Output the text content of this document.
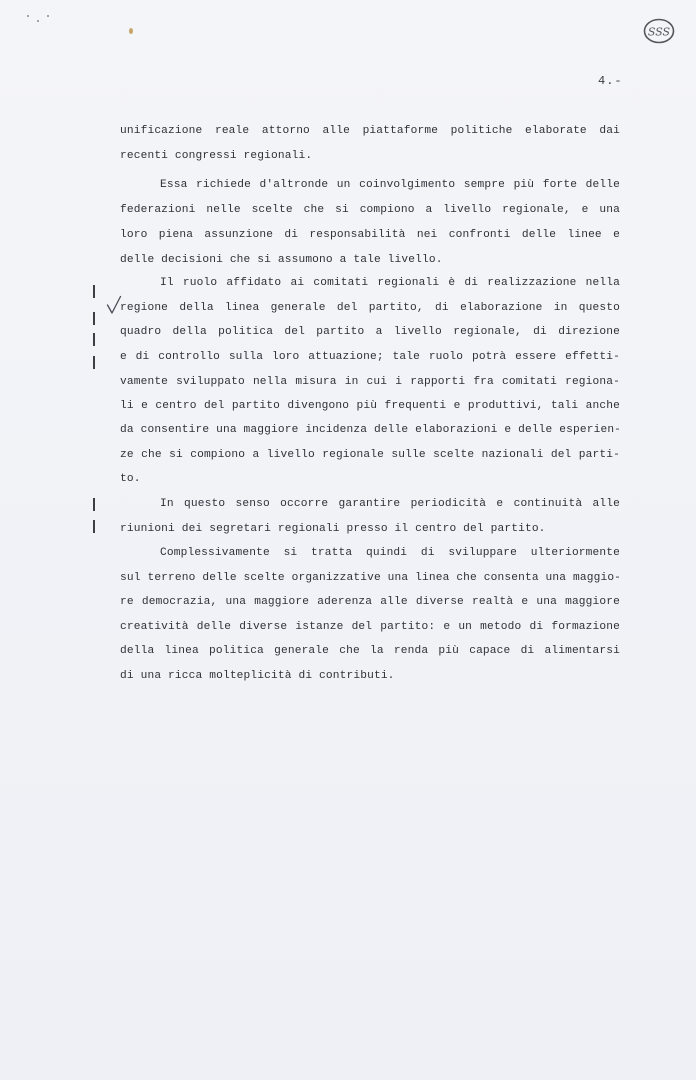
SSS
4.-
unificazione reale attorno alle piattaforme politiche elaborate dai
recenti congressi regionali.
Essa richiede d'altronde un coinvolgimento sempre più forte delle
federazioni nelle scelte che si compiono a livello regionale, e una
loro piena assunzione di responsabilità nei confronti delle linee e
delle decisioni che si assumono a tale livello.
Il ruolo affidato ai comitati regionali è di realizzazione nella
regione della linea generale del partito, di elaborazione in questo
quadro della politica del partito a livello regionale, di direzione
e di controllo sulla loro attuazione; tale ruolo potrà essere effetti-
vamente sviluppato nella misura in cui i rapporti fra comitati regiona-
li e centro del partito divengono più frequenti e produttivi, tali anche
da consentire una maggiore incidenza delle elaborazioni e delle esperien-
ze che si compiono a livello regionale sulle scelte nazionali del parti-
to.
In questo senso occorre garantire periodicità e continuità alle
riunioni dei segretari regionali presso il centro del partito.
Complessivamente si tratta quindi di sviluppare ulteriormente
sul terreno delle scelte organizzative una linea che consenta una maggio-
re democrazia, una maggiore aderenza alle diverse realtà e una maggiore
creatività delle diverse istanze del partito: e un metodo di formazione
della linea politica generale che la renda più capace di alimentarsi
di una ricca molteplicità di contributi.
